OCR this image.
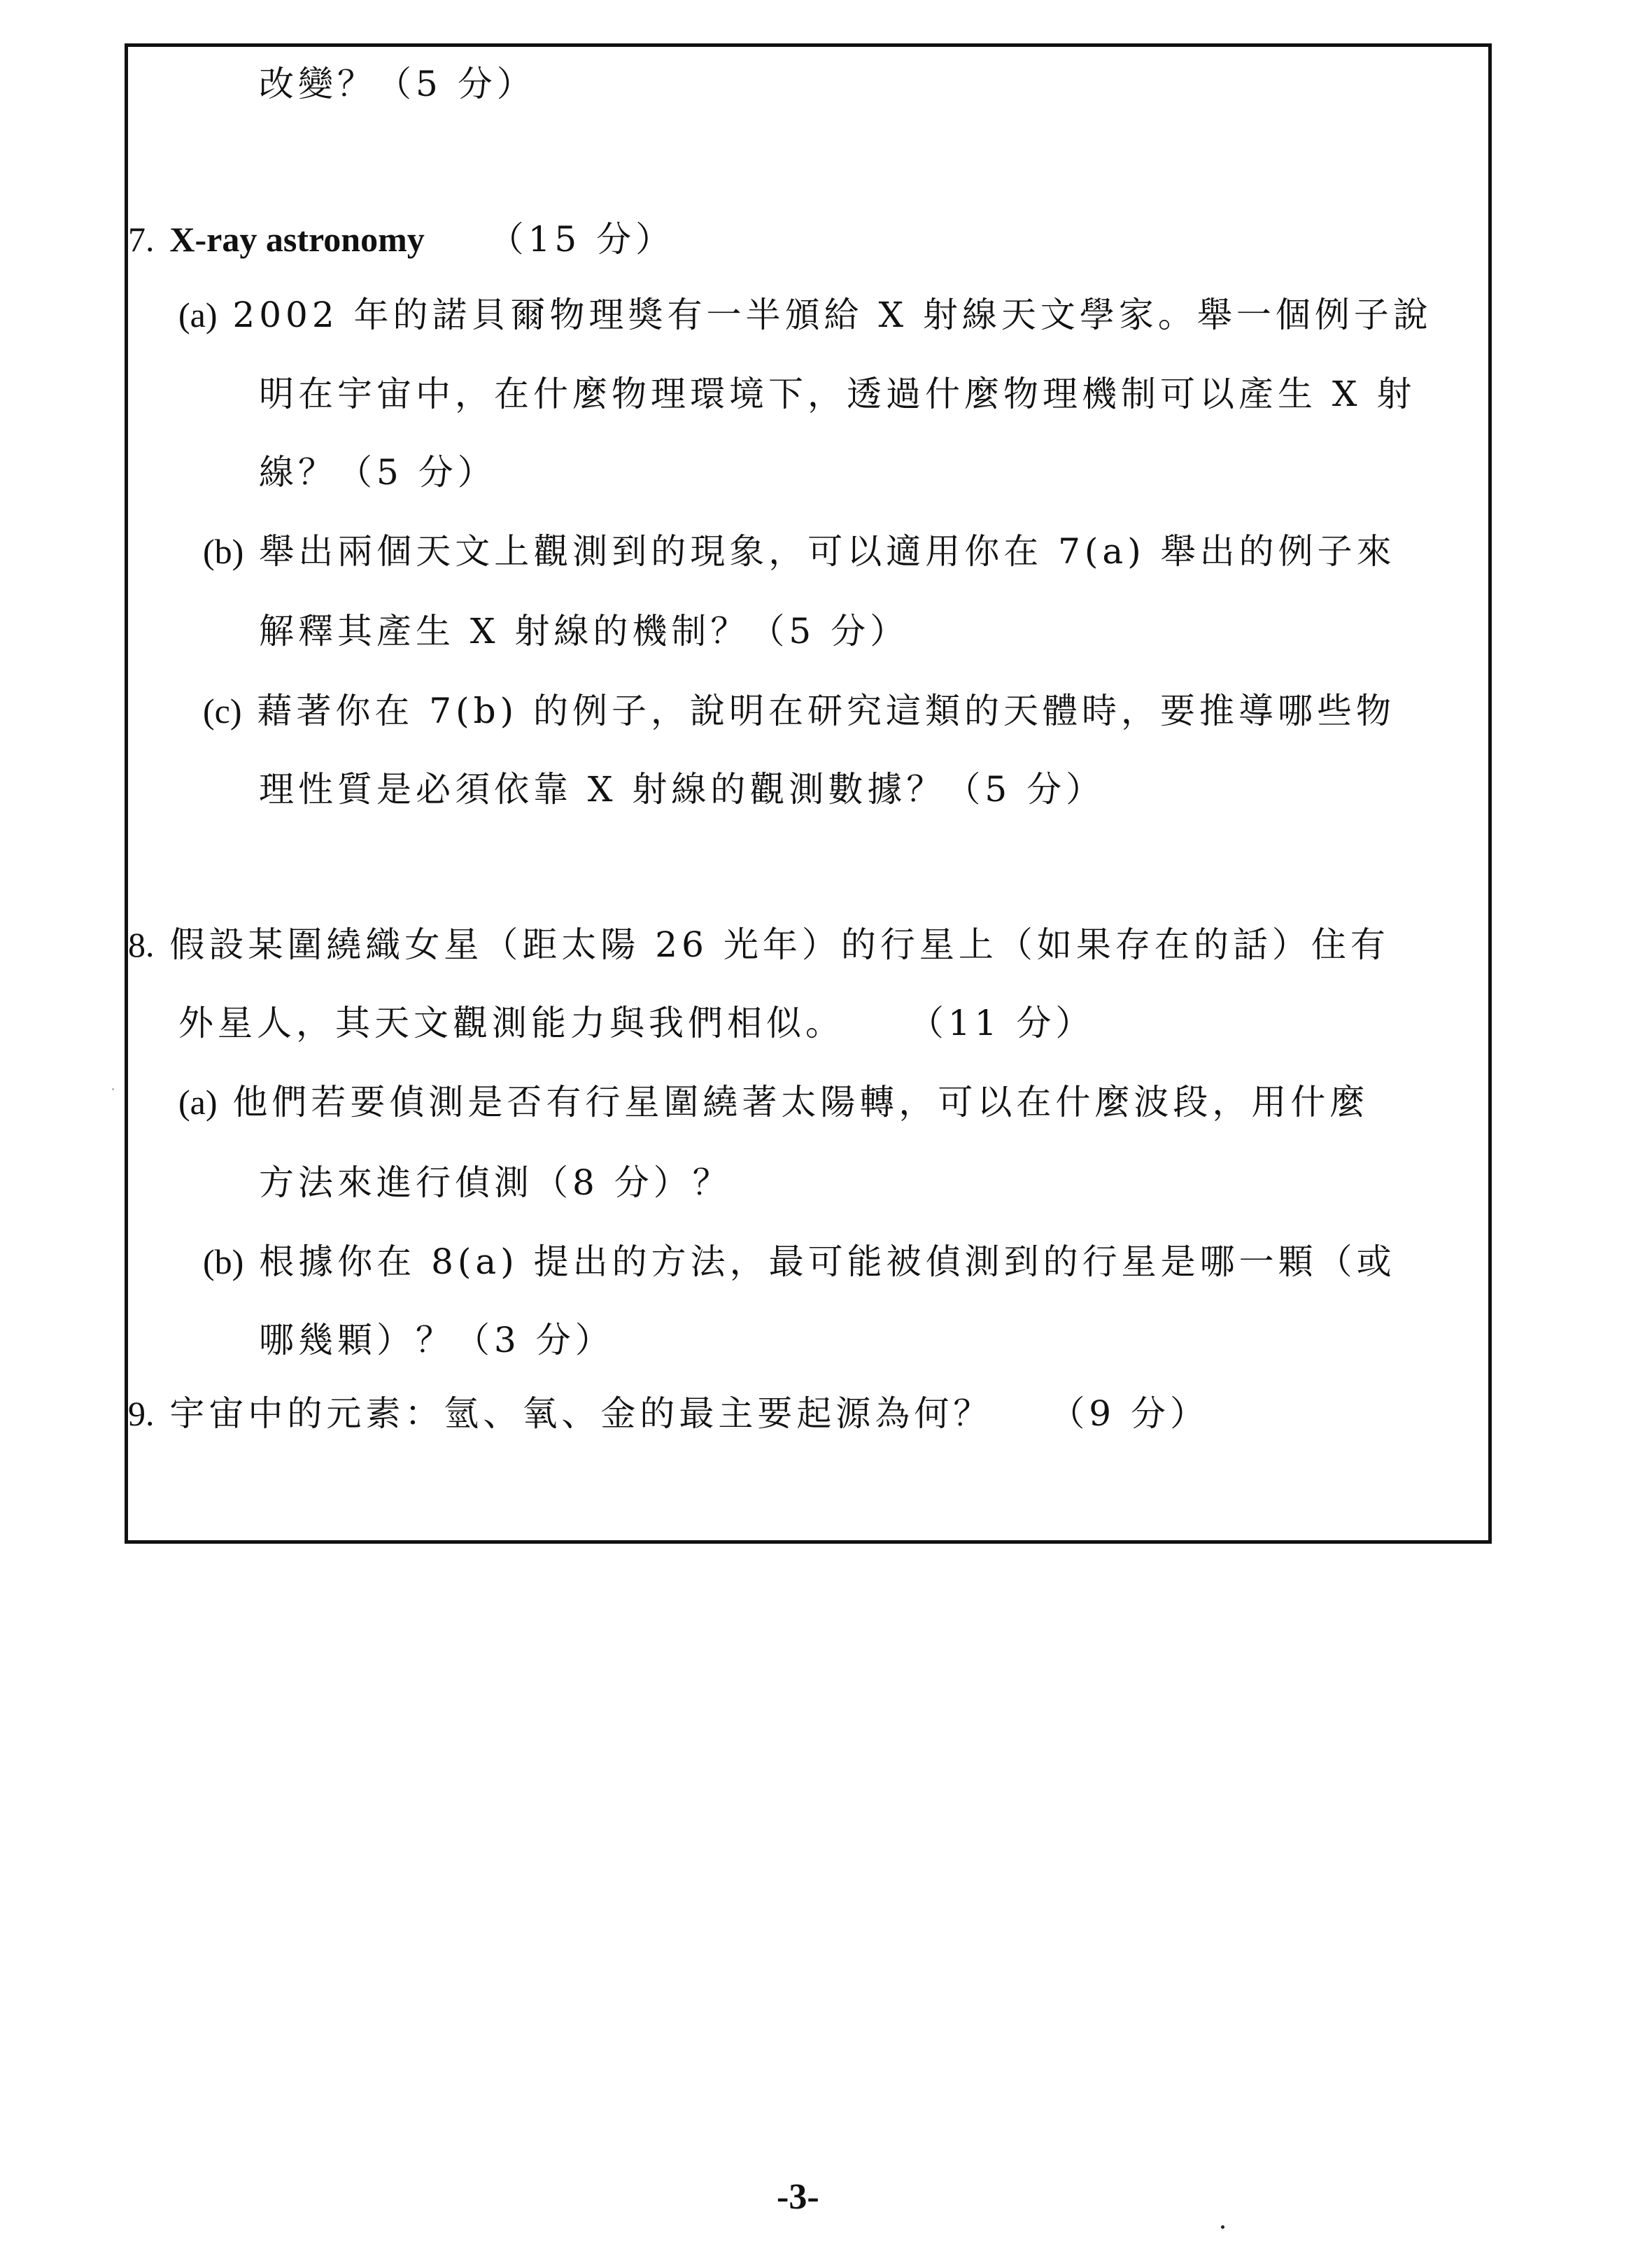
改變？（5 分）
7. X-ray astronomy （15 分）
(a) 2002 年的諾貝爾物理獎有一半頒給 X 射線天文學家。舉一個例子說
明在宇宙中，在什麼物理環境下，透過什麼物理機制可以產生 X 射
線？（5 分）
(b) 舉出兩個天文上觀測到的現象，可以適用你在 7(a) 舉出的例子來
解釋其產生 X 射線的機制？（5 分）
(c) 藉著你在 7(b) 的例子，說明在研究這類的天體時，要推導哪些物
理性質是必須依靠 X 射線的觀測數據？（5 分）
8. 假設某圍繞織女星（距太陽 26 光年）的行星上（如果存在的話）住有
外星人，其天文觀測能力與我們相似。 （11 分）
(a) 他們若要偵測是否有行星圍繞著太陽轉，可以在什麼波段，用什麼
方法來進行偵測（8 分）？
(b) 根據你在 8(a) 提出的方法，最可能被偵測到的行星是哪一顆（或
哪幾顆）？（3 分）
9. 宇宙中的元素：氫、氧、金的最主要起源為何？ （9 分）
-3-
